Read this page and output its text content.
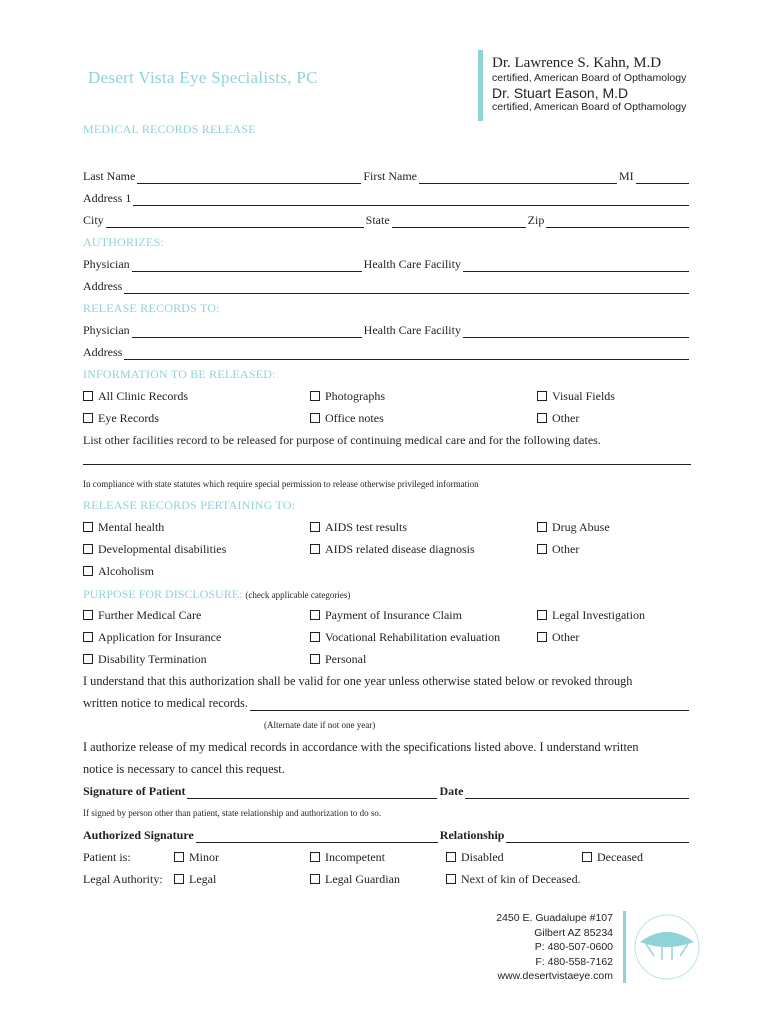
Desert Vista Eye Specialists, PC
Dr. Lawrence S. Kahn, M.D
certified, American Board of Opthamology
Dr. Stuart Eason, M.D
certified, American Board of Opthamology
MEDICAL RECORDS RELEASE
Last Name	First Name	MI
Address 1
City	State	Zip
AUTHORIZES:
Physician	Health Care Facility
Address
RELEASE RECORDS TO:
Physician	Health Care Facility
Address
INFORMATION TO BE RELEASED:
All Clinic Records	Photographs	Visual Fields
Eye Records	Office notes	Other
List other facilities record to be released for purpose of continuing medical care and for the following dates.
In compliance with state statutes which require special permission to release otherwise privileged information
RELEASE RECORDS PERTAINING TO:
Mental health	AIDS test results	Drug Abuse
Developmental disabilities	AIDS related disease diagnosis	Other
Alcoholism
PURPOSE FOR DISCLOSURE: (check applicable categories)
Further Medical Care	Payment of Insurance Claim	Legal Investigation
Application for Insurance	Vocational Rehabilitation evaluation	Other
Disability Termination	Personal
I understand that this authorization shall be valid for one year unless otherwise stated below or revoked through
written notice to medical records.
(Alternate date if not one year)
I authorize release of my medical records in accordance with the specifications listed above. I understand written
notice is necessary to cancel this request.
Signature of Patient	Date
If signed by person other than patient, state relationship and authorization to do so.
Authorized Signature	Relationship
Patient is:	Minor	Incompetent	Disabled	Deceased
Legal Authority:	Legal	Legal Guardian	Next of kin of Deceased.
2450 E. Guadalupe #107
Gilbert AZ 85234
P: 480-507-0600
F: 480-558-7162
www.desertvistaeye.com
